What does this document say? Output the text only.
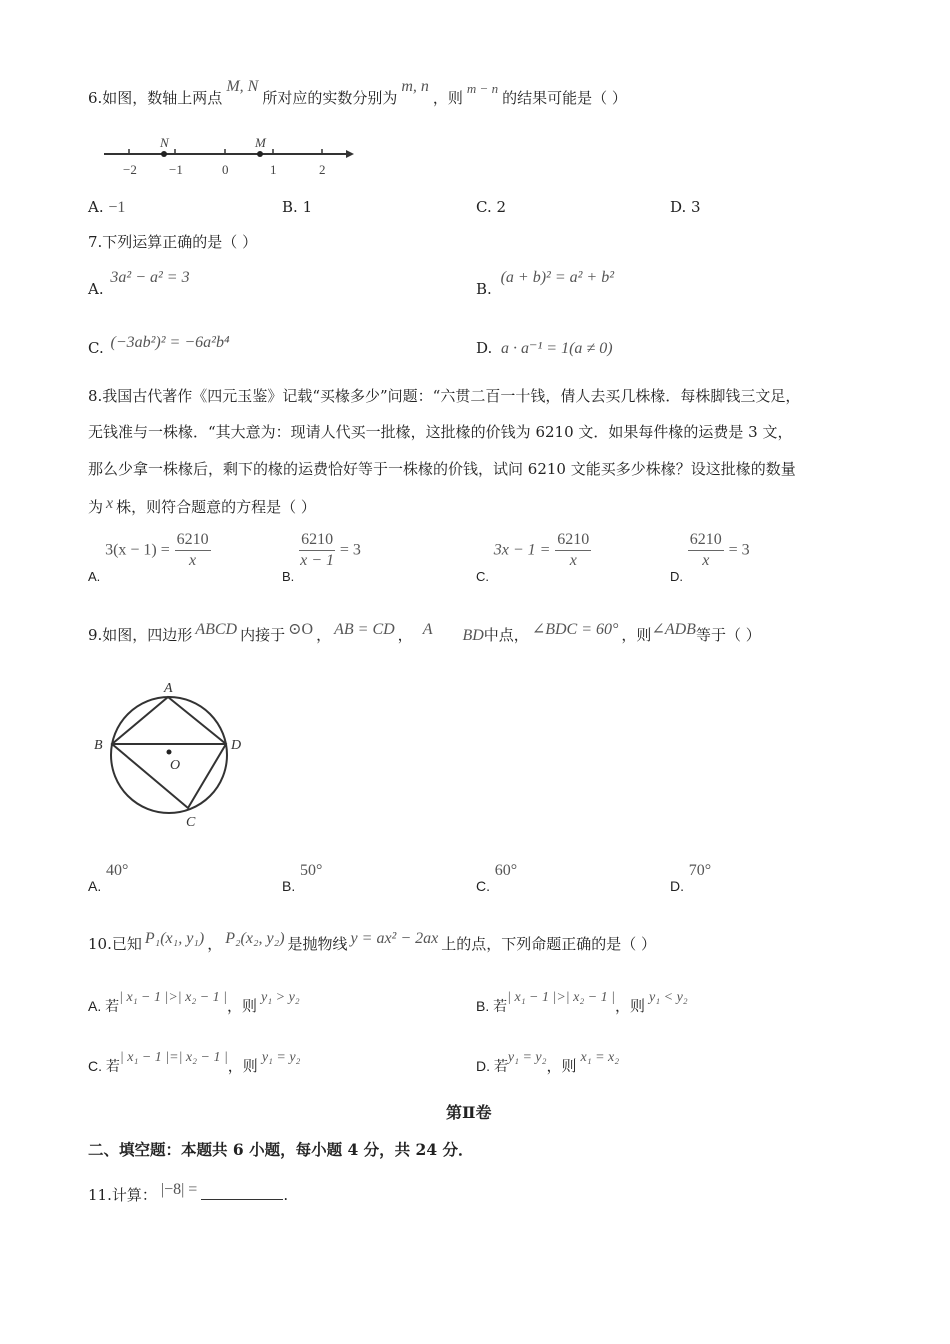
6.如图，数轴上两点M, N所对应的实数分别为m, n，则m − n的结果可能是（ ）
N	M
−2 −1	0	1	2
A. −1	B. 1	C. 2	D. 3
7.下列运算正确的是（ ）
A. 3a² − a² = 3
B. (a + b)² = a² + b²
C. (−3ab²)² = −6a²b⁴	D. a · a⁻¹ = 1(a ≠ 0)
8.我国古代著作《四元玉鉴》记载“买椽多少”问题：“六贯二百一十钱，倩人去买几株椽．每株脚钱三文足，
无钱准与一株椽．“其大意为：现请人代买一批椽，这批椽的价钱为 6210 文．如果每件椽的运费是 3 文，
那么少拿一株椽后，剩下的椽的运费恰好等于一株椽的价钱，试问 6210 文能买多少株椽？设这批椽的数量
为 x 株，则符合题意的方程是（ ）
A. $3(x - 1) = \frac{6210}{x}$
B.
$\frac{6210}{x - 1} = 3$
C. $3x - 1 = \frac{6210}{x}$
D.
$\frac{6210}{x} = 3$
9.如图，四边形 ABCD 内接于 ⊙O ， AB = CD ， A BD中点， ∠BDC = 60° ，则∠ADB等于（ ）
A
B	D
C
O
A. 40°
B. 50°
C. 60°
D. 70°
10.已知 P₁(x₁, y₁) ， P₂(x₂, y₂) 是抛物线 y = ax² − 2ax 上的点，下列命题正确的是（ ）
A. 若| x₁ − 1 |>| x₂ − 1 |，则 y₁ > y₂
B. 若| x₁ − 1 |>| x₂ − 1 |，则 y₁ < y₂
C. 若| x₁ − 1 |=| x₂ − 1 |，则 y₁ = y₂
D. 若y₁ = y₂，则 x₁ = x₂
第Ⅱ卷
二、填空题：本题共 6 小题，每小题 4 分，共 24 分．
11.计算： |−8| =	.
